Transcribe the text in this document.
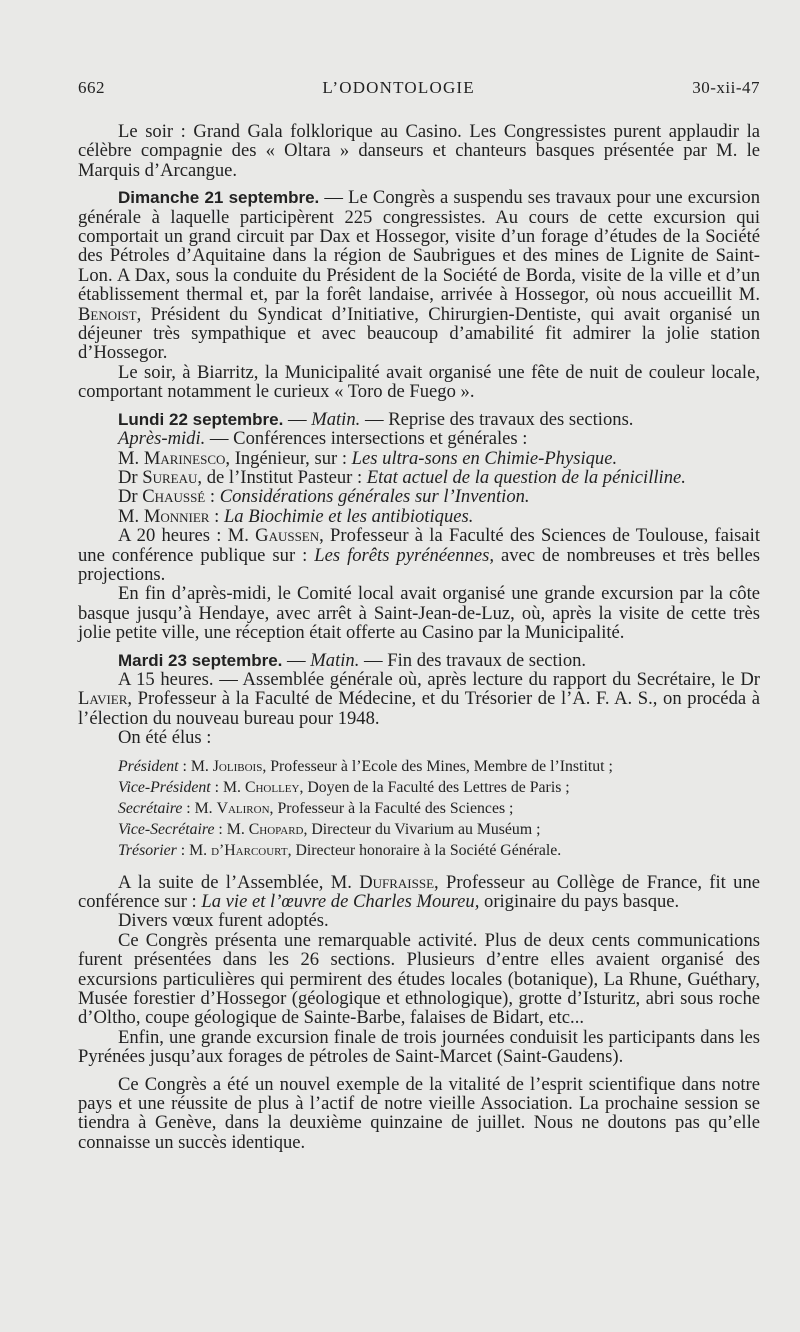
662	L’ODONTOLOGIE	30-xii-47

Le soir : Grand Gala folklorique au Casino. Les Congressistes purent applaudir la célèbre compagnie des « Oltara » danseurs et chanteurs basques présentée par M. le Marquis d’Arcangue.

Dimanche 21 septembre. — Le Congrès a suspendu ses travaux pour une excursion générale à laquelle participèrent 225 congressistes. Au cours de cette excursion qui comportait un grand circuit par Dax et Hossegor, visite d’un forage d’études de la Société des Pétroles d’Aquitaine dans la région de Saubrigues et des mines de Lignite de Saint-Lon. A Dax, sous la conduite du Président de la Société de Borda, visite de la ville et d’un établissement thermal et, par la forêt landaise, arrivée à Hossegor, où nous accueillit M. Benoist, Président du Syndicat d’Initiative, Chirurgien-Dentiste, qui avait organisé un déjeuner très sympathique et avec beaucoup d’amabilité fit admirer la jolie station d’Hossegor.

Le soir, à Biarritz, la Municipalité avait organisé une fête de nuit de couleur locale, comportant notamment le curieux « Toro de Fuego ».

Lundi 22 septembre. — Matin. — Reprise des travaux des sections.

Après-midi. — Conférences intersections et générales :

M. Marinesco, Ingénieur, sur : Les ultra-sons en Chimie-Physique.

Dr Sureau, de l’Institut Pasteur : Etat actuel de la question de la pénicilline.

Dr Chaussé : Considérations générales sur l’Invention.

M. Monnier : La Biochimie et les antibiotiques.

A 20 heures : M. Gaussen, Professeur à la Faculté des Sciences de Toulouse, faisait une conférence publique sur : Les forêts pyrénéennes, avec de nombreuses et très belles projections.

En fin d’après-midi, le Comité local avait organisé une grande excursion par la côte basque jusqu’à Hendaye, avec arrêt à Saint-Jean-de-Luz, où, après la visite de cette très jolie petite ville, une réception était offerte au Casino par la Municipalité.

Mardi 23 septembre. — Matin. — Fin des travaux de section.

A 15 heures. — Assemblée générale où, après lecture du rapport du Secrétaire, le Dr Lavier, Professeur à la Faculté de Médecine, et du Trésorier de l’A. F. A. S., on procéda à l’élection du nouveau bureau pour 1948.

On été élus :

Président : M. Jolibois, Professeur à l’Ecole des Mines, Membre de l’Institut ;
Vice-Président : M. Cholley, Doyen de la Faculté des Lettres de Paris ;
Secrétaire : M. Valiron, Professeur à la Faculté des Sciences ;
Vice-Secrétaire : M. Chopard, Directeur du Vivarium au Muséum ;
Trésorier : M. d’Harcourt, Directeur honoraire à la Société Générale.

A la suite de l’Assemblée, M. Dufraisse, Professeur au Collège de France, fit une conférence sur : La vie et l’œuvre de Charles Moureu, originaire du pays basque.

Divers vœux furent adoptés.

Ce Congrès présenta une remarquable activité. Plus de deux cents communications furent présentées dans les 26 sections. Plusieurs d’entre elles avaient organisé des excursions particulières qui permirent des études locales (botanique), La Rhune, Guéthary, Musée forestier d’Hossegor (géologique et ethnologique), grotte d’Isturitz, abri sous roche d’Oltho, coupe géologique de Sainte-Barbe, falaises de Bidart, etc...

Enfin, une grande excursion finale de trois journées conduisit les participants dans les Pyrénées jusqu’aux forages de pétroles de Saint-Marcet (Saint-Gaudens).

Ce Congrès a été un nouvel exemple de la vitalité de l’esprit scientifique dans notre pays et une réussite de plus à l’actif de notre vieille Association. La prochaine session se tiendra à Genève, dans la deuxième quinzaine de juillet. Nous ne doutons pas qu’elle connaisse un succès identique.
